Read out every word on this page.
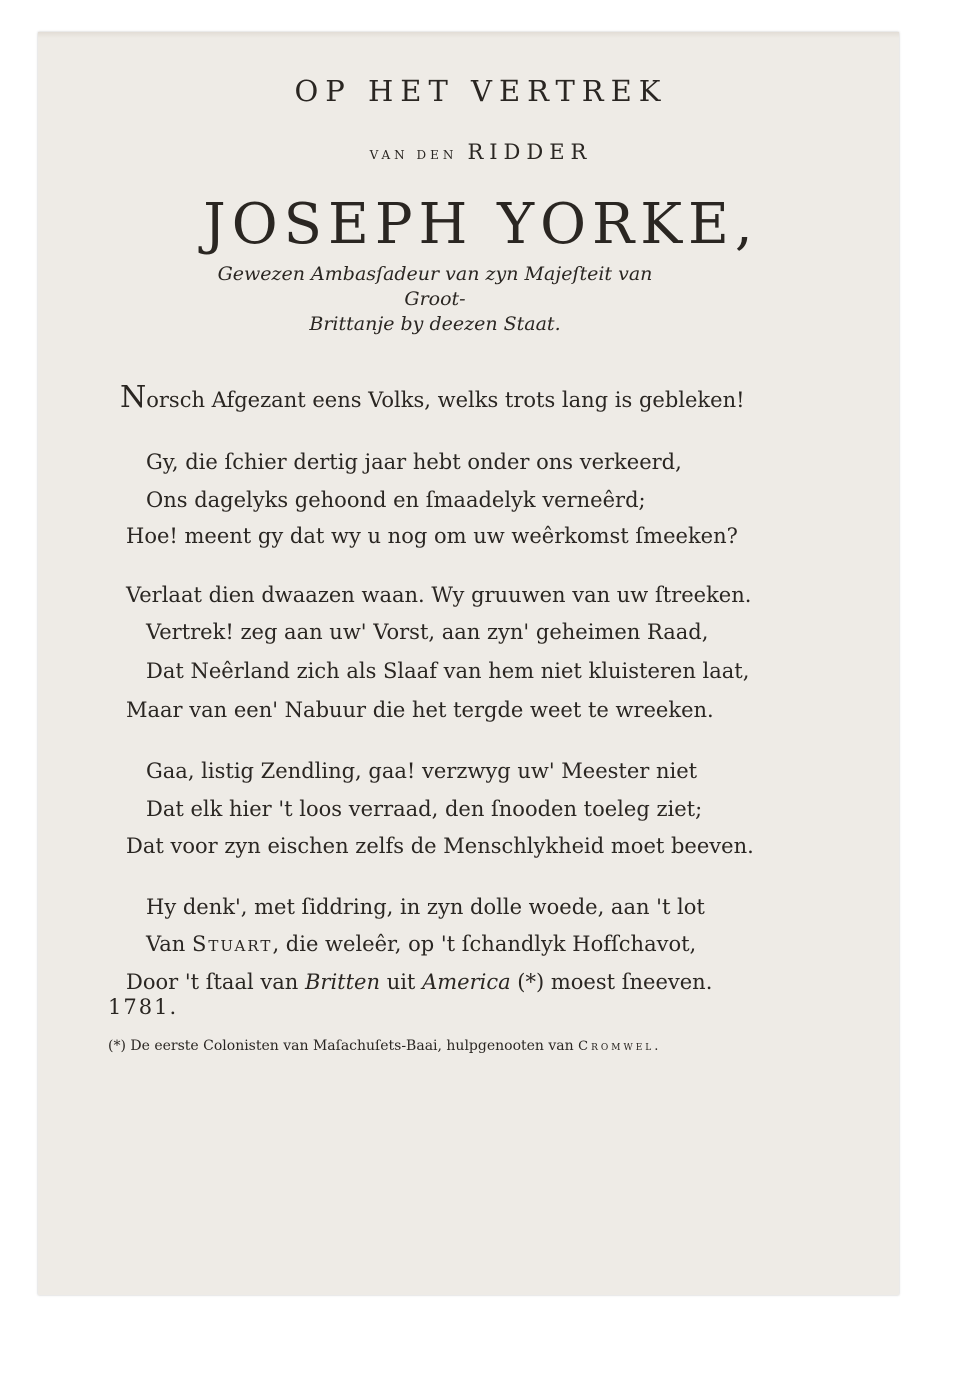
OP HET VERTREK
VAN DEN RIDDER
JOSEPH YORKE,
Gewezen Ambasſadeur van zyn Majeſteit van Groot-
Brittanje by deezen Staat.
Norsch Afgezant eens Volks, welks trots lang is gebleken!
Gy, die ſchier dertig jaar hebt onder ons verkeerd,
Ons dagelyks gehoond en ſmaadelyk verneêrd;
Hoe! meent gy dat wy u nog om uw weêrkomst ſmeeken?
Verlaat dien dwaazen waan. Wy gruuwen van uw ſtreeken.
Vertrek! zeg aan uw' Vorst, aan zyn' geheimen Raad,
Dat Neêrland zich als Slaaf van hem niet kluisteren laat,
Maar van een' Nabuur die het tergde weet te wreeken.
Gaa, listig Zendling, gaa! verzwyg uw' Meester niet
Dat elk hier 't loos verraad, den ſnooden toeleg ziet;
Dat voor zyn eischen zelfs de Menschlykheid moet beeven.
Hy denk', met ſiddring, in zyn dolle woede, aan 't lot
Van Stuart, die weleêr, op 't ſchandlyk Hofſchavot,
Door 't ſtaal van Britten uit America (*) moest ſneeven.
1781.
(*) De eerste Colonisten van Maſachuſets-Baai, hulpgenooten van Cromwel.
